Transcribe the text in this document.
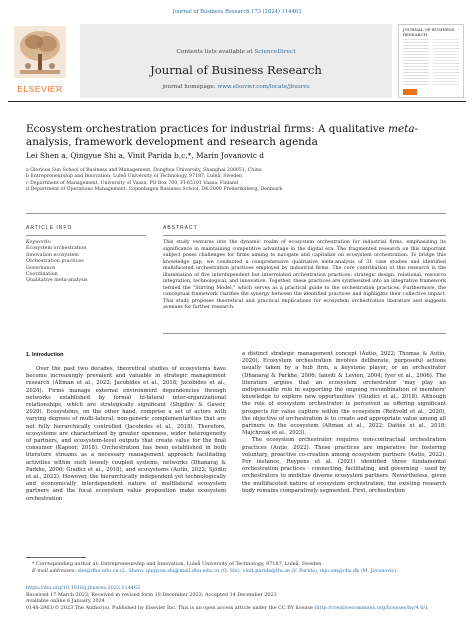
Journal of Business Research 173 (2024) 114463
ELSEVIER
Contents lists available at ScienceDirect
Journal of Business Research
journal homepage: www.elsevier.com/locate/jbusres
JOURNAL OF BUSINESS RESEARCH
Ecosystem orchestration practices for industrial firms: A qualitative meta-analysis, framework development and research agenda
Lei Shen a, Qingyue Shi a, Vinit Parida b,c,*, Marin Jovanovic d
a Glorious Sun School of Business and Management, Donghua University, Shanghai 200051, China
b Entrepreneurship and Innovation, Luleå University of Technology, 97187, Luleå, Sweden
c Department of Management, University of Vaasa, PO Box 700, FI-65101 Vaasa, Finland
d Department of Operations Management, Copenhagen Business School, DK-2000 Frederiksberg, Denmark
ARTICLE INFO	ABSTRACT
Keywords:
Ecosystem orchestration
Innovation ecosystem
Orchestration practices
Governance
Coordination
Qualitative meta-analysis
This study ventures into the dynamic realm of ecosystem orchestration for industrial firms, emphasizing its significance in maintaining competitive advantage in the digital era. The fragmented research on this important subject poses challenges for firms aiming to navigate and capitalize on ecosystem orchestration. To bridge this knowledge gap, we conducted a comprehensive qualitative meta-analysis of 31 case studies and identified multifaceted orchestration practices employed by industrial firms. The core contribution of this research is the illumination of five interdependent but interrelated orchestration practices: strategic design, relational, resource integration, technological, and innovation. Together, these practices are synthesized into an integrative framework termed the "Stirring Model," which serves as a practical guide to the orchestration practices. Furthermore, the conceptual framework clarifies the synergy between the identified practices and highlights their collective impact. This study proposes theoretical and practical implications for ecosystem orchestration literature and suggests avenues for further research.
1. Introduction

Over the past two decades, theoretical studies of ecosystems have become increasingly prevalent and valuable in strategic management research (Altman et al., 2022; Jacobides et al., 2018; Jacobides et al., 2024). Firms manage external environment dependencies through networks established by formal bi-lateral inter-organizational relationships, which are strategically significant (Shipilov & Gawer, 2020). Ecosystems, on the other hand, comprise a set of actors with varying degrees of multi-lateral, non-generic complementarities that are not fully hierarchically controlled (Jacobides et al., 2018). Therefore, ecosystems are characterized by greater openness, wider heterogeneity of partners, and ecosystem-level outputs that create value for the final consumer (Kapoor, 2018). Orchestration has been established in both literature streams as a necessary management approach facilitating activities within such loosely coupled systems, networks (Dhanaraj & Parkhe, 2006; Giudici et al., 2018), and ecosystems (Autio, 2022; Sjödin et al., 2022). However, the hierarchically independent yet technologically and economically interdependent nature of multilateral ecosystem partners and the focal ecosystem value proposition make ecosystem orchestration

a distinct strategic management concept (Autio, 2022; Thomas & Autio, 2020). Ecosystem orchestration involves deliberate, purposeful actions usually taken by a hub firm, a keystone player, or an orchestrator (Dhanaraj & Parkhe, 2006; Iansiti & Levien, 2004; Iyer et al., 2006). The literature argues that an ecosystem orchestrator 'may play an indispensable role in supporting the ongoing recombination of members' knowledge to explore new opportunities' (Giudici et al., 2018). Although the role of ecosystem orchestrator is perceived as offering significant prospects for value capture within the ecosystem (Reitveld et al., 2020), the objective of orchestration is to create and appropriate value among all partners in the ecosystem (Altman et al., 2022; Dattée et al., 2018; Majchrzak et al., 2023).

The ecosystem orchestrator requires non-contractual orchestration practices (Autio, 2022). These practices are imperative for fostering voluntary, proactive co-creation among ecosystem partners (Autio, 2022). For instance, Reypens et al. (2021) identified three fundamental orchestration practices - connecting, facilitating, and governing - used by orchestrators to mobilize diverse ecosystem partners. Nevertheless, given the multifaceted nature of ecosystem orchestration, the existing research body remains comparatively segmented. First, orchestration

* Corresponding author at: Entrepreneurship and Innovation, Luleå University of Technology, 97187, Luleå, Sweden.
E-mail addresses: slei@dhu.edu.cn (L. Shen), qingyue.shi@mail.dhu.edu.cn (Q. Shi), vinit.parida@ltu.se (V. Parida), mjo.om@cbs.dk (M. Jovanovic).
https://doi.org/10.1016/j.jbusres.2023.114463
Received 17 March 2023; Received in revised form 10 December 2023; Accepted 14 December 2023
Available online 6 January 2024
0148-2963/© 2023 The Author(s). Published by Elsevier Inc. This is an open access article under the CC BY license (http://creativecommons.org/licenses/by/4.0/).
